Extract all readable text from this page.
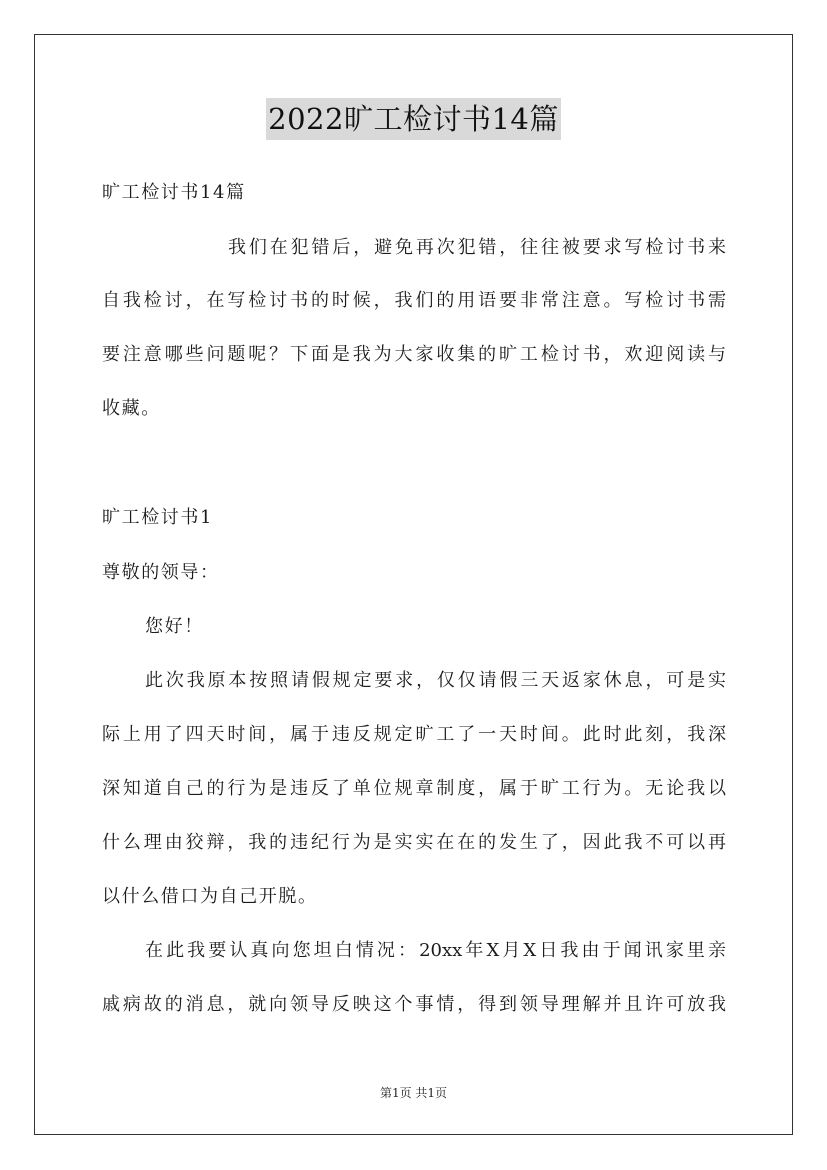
2022旷工检讨书14篇
旷工检讨书14篇
我们在犯错后，避免再次犯错，往往被要求写检讨书来
自我检讨，在写检讨书的时候，我们的用语要非常注意。写检讨书需
要注意哪些问题呢？下面是我为大家收集的旷工检讨书，欢迎阅读与
收藏。
旷工检讨书1
尊敬的领导：
您好！
此次我原本按照请假规定要求，仅仅请假三天返家休息，可是实
际上用了四天时间，属于违反规定旷工了一天时间。此时此刻，我深
深知道自己的行为是违反了单位规章制度，属于旷工行为。无论我以
什么理由狡辩，我的违纪行为是实实在在的发生了，因此我不可以再
以什么借口为自己开脱。
在此我要认真向您坦白情况：20xx年X月X日我由于闻讯家里亲
戚病故的消息，就向领导反映这个事情，得到领导理解并且许可放我
第1页 共1页
